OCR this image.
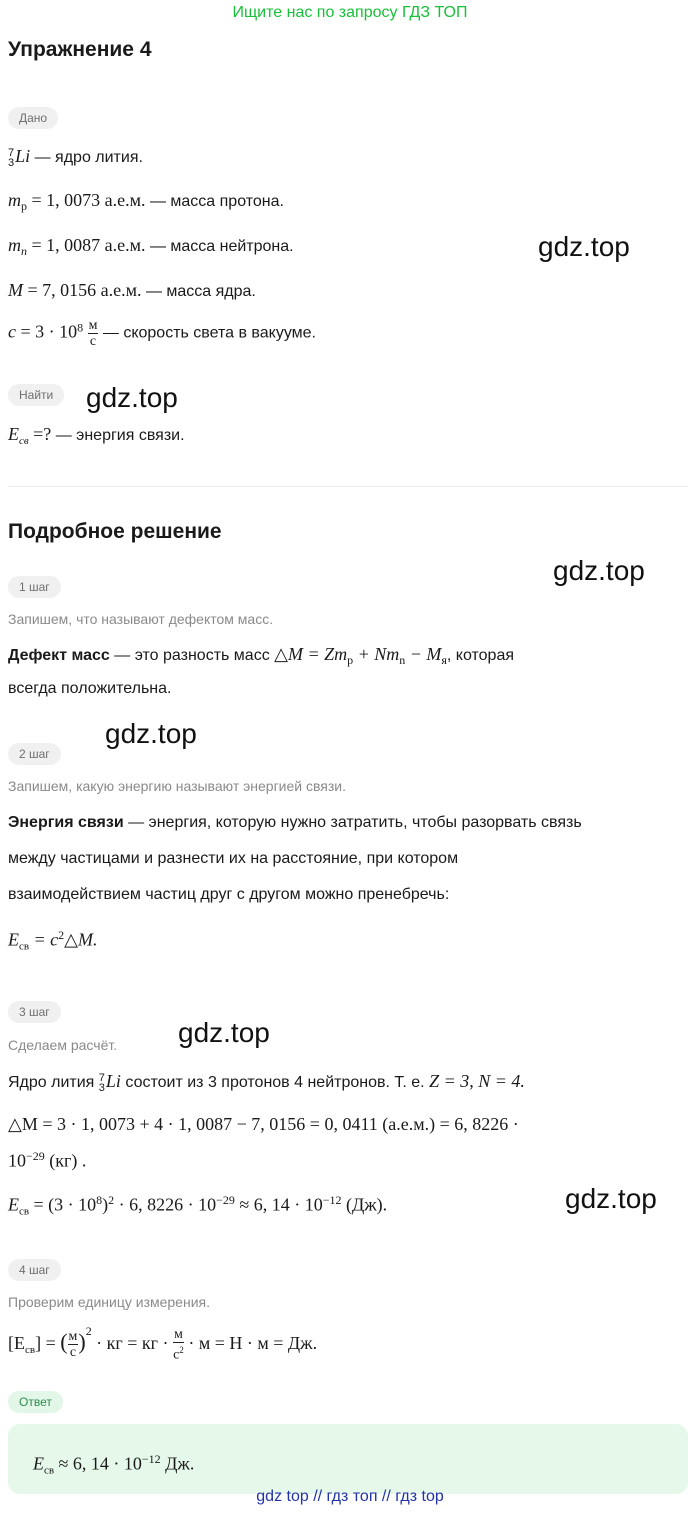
Ищите нас по запросу ГДЗ ТОП
Упражнение 4
Дано
7
3 Li — ядро лития.
$m_p = 1$, 0073 а.е.м. — масса протона.
$m_n = 1$, 0087 а.е.м. — масса нейтрона.
M = 7, 0156 а.е.м. — масса ядра.
$c = 3 \cdot 10^8 \frac{м}{с}$ — скорость света в вакууме.
Найти
$E_{св}$ =? — энергия связи.
Подробное решение
1 шаг
Запишем, что называют дефектом масс.
Дефект масс — это разность масс △M = $Zm_p + Nm_n - M_я$, которая
всегда положительна.
2 шаг
Запишем, какую энергию называют энергией связи.
Энергия связи — энергия, которую нужно затратить, чтобы разорвать связь
между частицами и разнести их на расстояние, при котором
взаимодействием частиц друг с другом можно пренебречь:
$E_{св}$ = $c^2\triangle M$.
3 шаг
Сделаем расчёт.
Ядро лития 7
3 Li состоит из 3 протонов 4 нейтронов. Т. е. Z = 3, N = 4.
△M = 3 · 1, 0073 + 4 · 1, 0087 − 7, 0156 = 0, 0411 (а.е.м.) = 6, 8226 ·
$10^{-29}$ (кг) .
$E_{св} = (3 \cdot 10^8)^2 \cdot 6$, $8226 \cdot 10^{-29} \approx 6$, $14 \cdot 10^{-12}$ (Дж).
4 шаг
Проверим единицу измерения.
$[E_{св}]$ = ( $\frac{м}{с} )^2$ · кг = кг · $\frac{м}{с^2} \cdot м = Н \cdot м$ = Дж.
Ответ
$E_{св} \approx 6$, $14 \cdot 10^{-12}$ Дж.
gdz.top
gdz.top
gdz.top
gdz.top
gdz.top
gdz.top
gdz top // гдз топ // гдз top
